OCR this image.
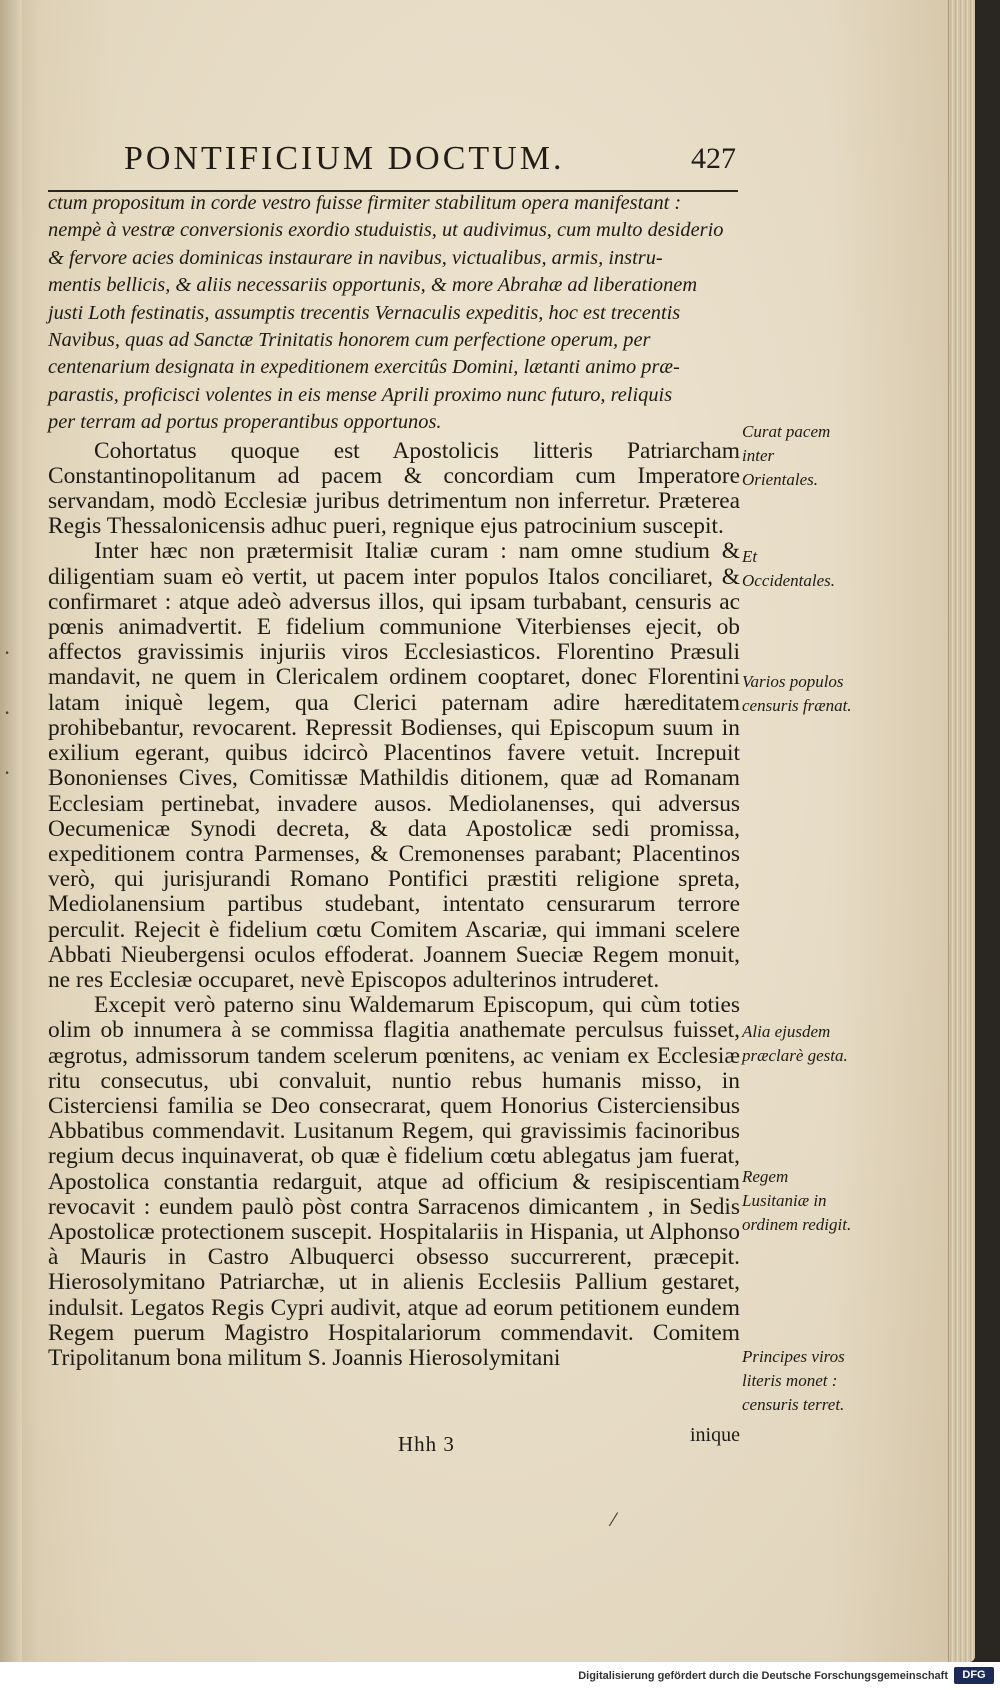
·
·
·
PONTIFICIUM DOCTUM.	427
ctum propositum in corde vestro fuisse firmiter stabilitum opera manifestant :
nempè à vestræ conversionis exordio studuistis, ut audivimus, cum multo desiderio
& fervore acies dominicas instaurare in navibus, victualibus, armis, instru-
mentis bellicis, & aliis necessariis opportunis, & more Abrahæ ad liberationem
justi Loth festinatis, assumptis trecentis Vernaculis expeditis, hoc est trecentis
Navibus, quas ad Sanctæ Trinitatis honorem cum perfectione operum, per
centenarium designata in expeditionem exercitûs Domini, lætanti animo præ-
parastis, proficisci volentes in eis mense Aprili proximo nunc futuro, reliquis
per terram ad portus properantibus opportunos.

Cohortatus quoque est Apostolicis litteris Patriarcham Constantinopolitanum ad pacem & concordiam cum Imperatore servandam, modò Ecclesiæ juribus detrimentum non inferretur. Præterea Regis Thessalonicensis adhuc pueri, regnique ejus patrocinium suscepit.

Inter hæc non prætermisit Italiæ curam : nam omne studium & diligentiam suam eò vertit, ut pacem inter populos Italos conciliaret, & confirmaret : atque adeò adversus illos, qui ipsam turbabant, censuris ac pœnis animadvertit. E fidelium communione Viterbienses ejecit, ob affectos gravissimis injuriis viros Ecclesiasticos. Florentino Præsuli mandavit, ne quem in Clericalem ordinem cooptaret, donec Florentini latam iniquè legem, qua Clerici paternam adire hæreditatem prohibebantur, revocarent. Repressit Bodienses, qui Episcopum suum in exilium egerant, quibus idcircò Placentinos favere vetuit. Increpuit Bononienses Cives, Comitissæ Mathildis ditionem, quæ ad Romanam Ecclesiam pertinebat, invadere ausos. Mediolanenses, qui adversus Oecumenicæ Synodi decreta, & data Apostolicæ sedi promissa, expeditionem contra Parmenses, & Cremonenses parabant; Placentinos verò, qui jurisjurandi Romano Pontifici præstiti religione spreta, Mediolanensium partibus studebant, intentato censurarum terrore perculit. Rejecit è fidelium cœtu Comitem Ascariæ, qui immani scelere Abbati Nieubergensi oculos effoderat. Joannem Sueciæ Regem monuit, ne res Ecclesiæ occuparet, nevè Episcopos adulterinos intruderet.

Excepit verò paterno sinu Waldemarum Episcopum, qui cùm toties olim ob innumera à se commissa flagitia anathemate perculsus fuisset, ægrotus, admissorum tandem scelerum pœnitens, ac veniam ex Ecclesiæ ritu consecutus, ubi convaluit, nuntio rebus humanis misso, in Cisterciensi familia se Deo consecrarat, quem Honorius Cisterciensibus Abbatibus commendavit. Lusitanum Regem, qui gravissimis facinoribus regium decus inquinaverat, ob quæ è fidelium cœtu ablegatus jam fuerat, Apostolica constantia redarguit, atque ad officium & resipiscentiam revocavit : eundem paulò pòst contra Sarracenos dimicantem , in Sedis Apostolicæ protectionem suscepit. Hospitalariis in Hispania, ut Alphonso à Mauris in Castro Albuquerci obsesso succurrerent, præcepit. Hierosolymitano Patriarchæ, ut in alienis Ecclesiis Pallium gestaret, indulsit. Legatos Regis Cypri audivit, atque ad eorum petitionem eundem Regem puerum Magistro Hospitalariorum commendavit. Comitem Tripolitanum bona militum S. Joannis Hierosolymitani

Curat pacem inter Orientales.
Et Occidentales.
Varios populos censuris frænat.
Alia ejusdem præclarè gesta.
Regem Lusitaniæ in ordinem redigit.
Principes viros literis monet : censuris terret.
Hhh 3	inique
⁄
Digitalisierung gefördert durch die Deutsche Forschungsgemeinschaft	DFG
